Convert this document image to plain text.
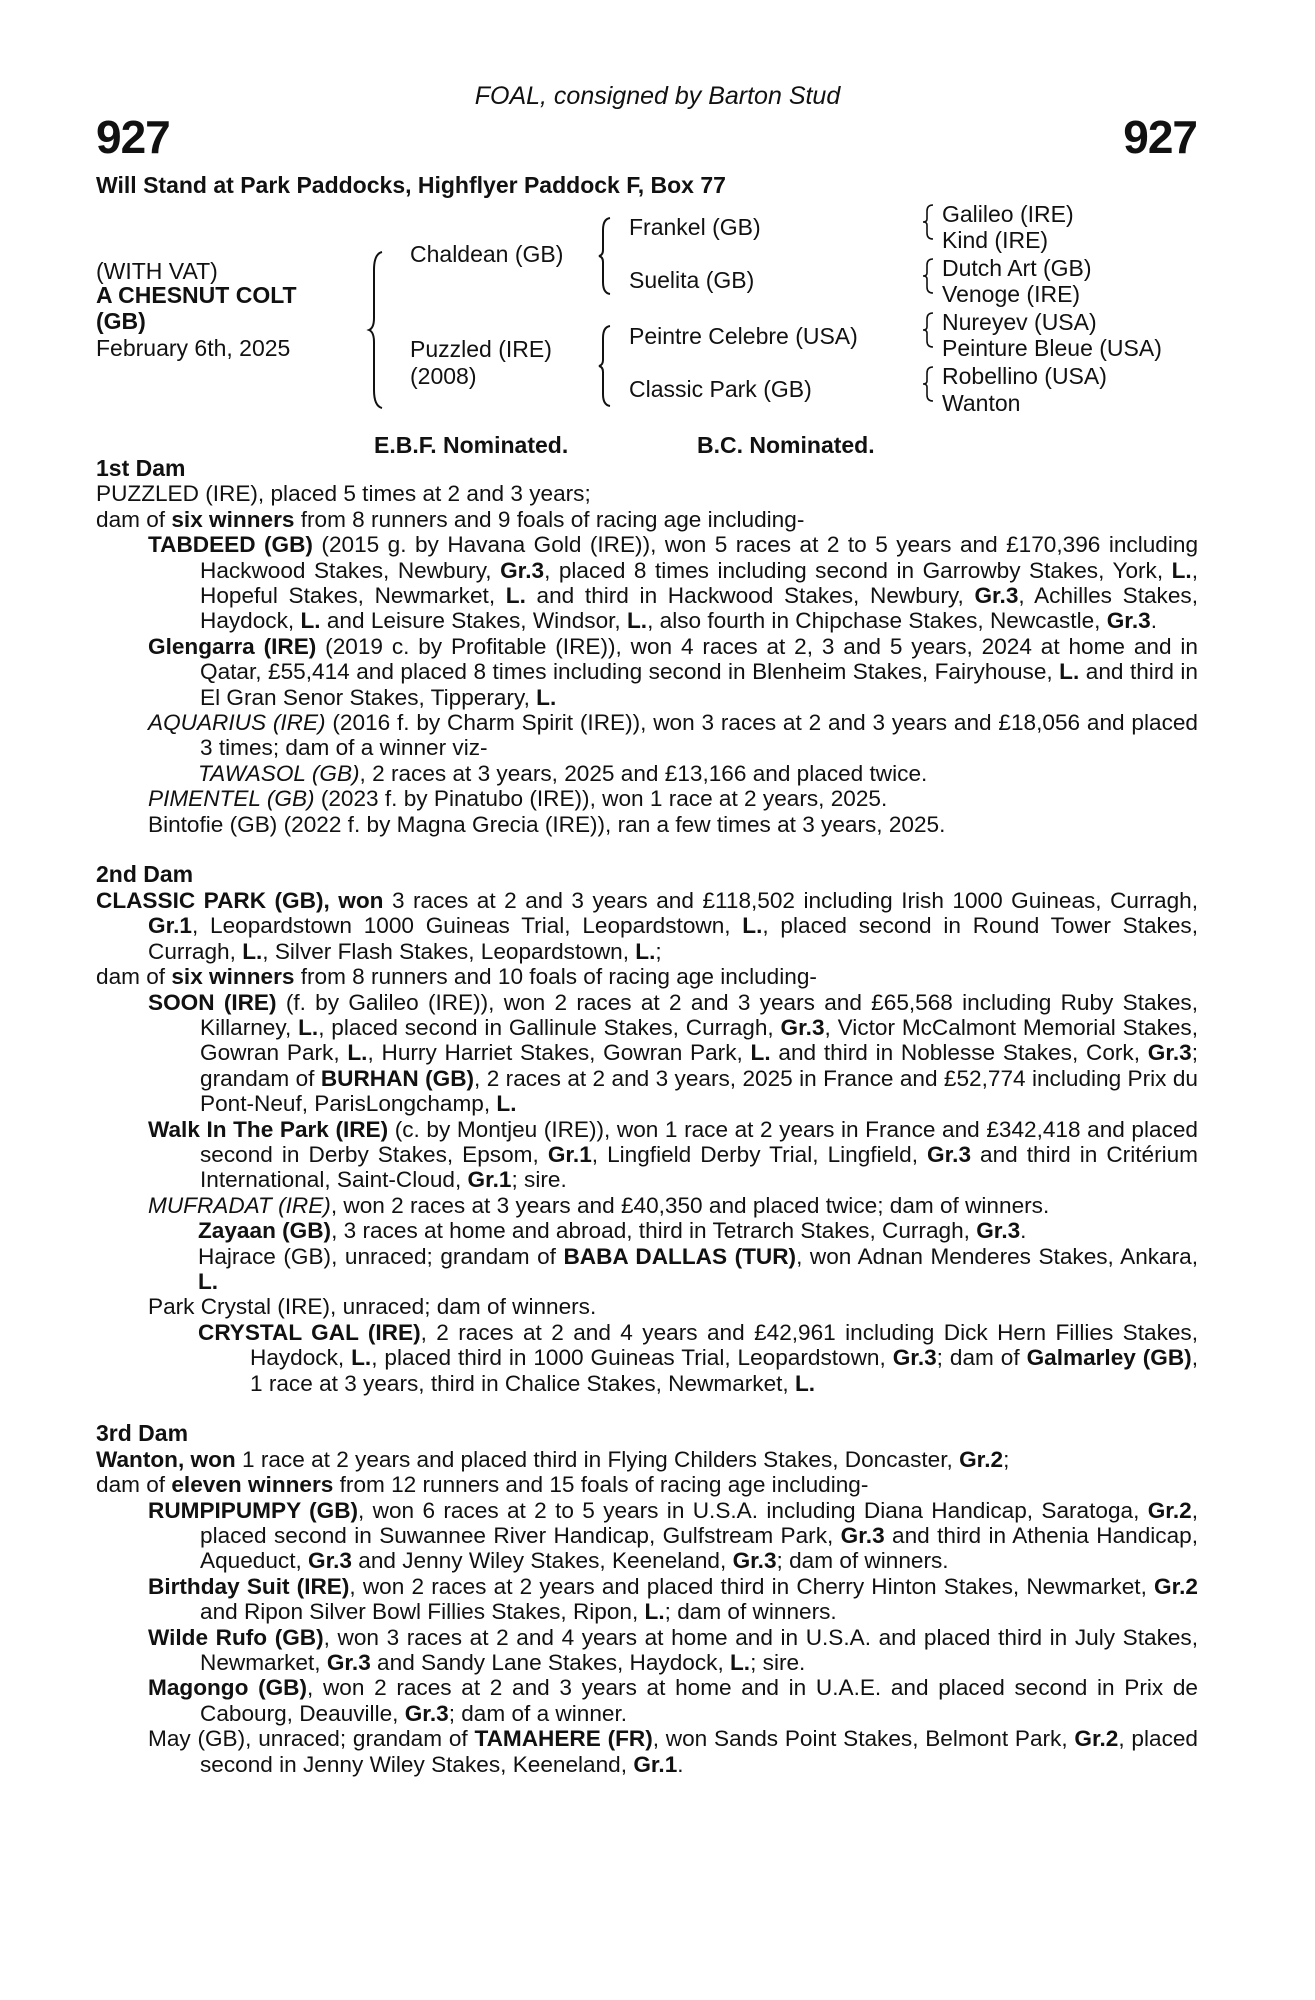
FOAL, consigned by Barton Stud
927	927
Will Stand at Park Paddocks, Highflyer Paddock F, Box 77
(WITH VAT)
A CHESNUT COLT
(GB)
February 6th, 2025
Chaldean (GB)
Puzzled (IRE)
(2008)
Frankel (GB)
Suelita (GB)
Peintre Celebre (USA)
Classic Park (GB)
Galileo (IRE)
Kind (IRE)
Dutch Art (GB)
Venoge (IRE)
Nureyev (USA)
Peinture Bleue (USA)
Robellino (USA)
Wanton
E.B.F. Nominated.	B.C. Nominated.
1st Dam
PUZZLED (IRE), placed 5 times at 2 and 3 years;
dam of six winners from 8 runners and 9 foals of racing age including-
TABDEED (GB) (2015 g. by Havana Gold (IRE)), won 5 races at 2 to 5 years and £170,396 including Hackwood Stakes, Newbury, Gr.3, placed 8 times including second in Garrowby Stakes, York, L., Hopeful Stakes, Newmarket, L. and third in Hackwood Stakes, Newbury, Gr.3, Achilles Stakes, Haydock, L. and Leisure Stakes, Windsor, L., also fourth in Chipchase Stakes, Newcastle, Gr.3.
Glengarra (IRE) (2019 c. by Profitable (IRE)), won 4 races at 2, 3 and 5 years, 2024 at home and in Qatar, £55,414 and placed 8 times including second in Blenheim Stakes, Fairyhouse, L. and third in El Gran Senor Stakes, Tipperary, L.
AQUARIUS (IRE) (2016 f. by Charm Spirit (IRE)), won 3 races at 2 and 3 years and £18,056 and placed 3 times; dam of a winner viz-
TAWASOL (GB), 2 races at 3 years, 2025 and £13,166 and placed twice.
PIMENTEL (GB) (2023 f. by Pinatubo (IRE)), won 1 race at 2 years, 2025.
Bintofie (GB) (2022 f. by Magna Grecia (IRE)), ran a few times at 3 years, 2025.
2nd Dam
CLASSIC PARK (GB), won 3 races at 2 and 3 years and £118,502 including Irish 1000 Guineas, Curragh, Gr.1, Leopardstown 1000 Guineas Trial, Leopardstown, L., placed second in Round Tower Stakes, Curragh, L., Silver Flash Stakes, Leopardstown, L.;
dam of six winners from 8 runners and 10 foals of racing age including-
SOON (IRE) (f. by Galileo (IRE)), won 2 races at 2 and 3 years and £65,568 including Ruby Stakes, Killarney, L., placed second in Gallinule Stakes, Curragh, Gr.3, Victor McCalmont Memorial Stakes, Gowran Park, L., Hurry Harriet Stakes, Gowran Park, L. and third in Noblesse Stakes, Cork, Gr.3; grandam of BURHAN (GB), 2 races at 2 and 3 years, 2025 in France and £52,774 including Prix du Pont-Neuf, ParisLongchamp, L.
Walk In The Park (IRE) (c. by Montjeu (IRE)), won 1 race at 2 years in France and £342,418 and placed second in Derby Stakes, Epsom, Gr.1, Lingfield Derby Trial, Lingfield, Gr.3 and third in Critérium International, Saint-Cloud, Gr.1; sire.
MUFRADAT (IRE), won 2 races at 3 years and £40,350 and placed twice; dam of winners.
Zayaan (GB), 3 races at home and abroad, third in Tetrarch Stakes, Curragh, Gr.3.
Hajrace (GB), unraced; grandam of BABA DALLAS (TUR), won Adnan Menderes Stakes, Ankara, L.
Park Crystal (IRE), unraced; dam of winners.
CRYSTAL GAL (IRE), 2 races at 2 and 4 years and £42,961 including Dick Hern Fillies Stakes, Haydock, L., placed third in 1000 Guineas Trial, Leopardstown, Gr.3; dam of Galmarley (GB), 1 race at 3 years, third in Chalice Stakes, Newmarket, L.
3rd Dam
Wanton, won 1 race at 2 years and placed third in Flying Childers Stakes, Doncaster, Gr.2;
dam of eleven winners from 12 runners and 15 foals of racing age including-
RUMPIPUMPY (GB), won 6 races at 2 to 5 years in U.S.A. including Diana Handicap, Saratoga, Gr.2, placed second in Suwannee River Handicap, Gulfstream Park, Gr.3 and third in Athenia Handicap, Aqueduct, Gr.3 and Jenny Wiley Stakes, Keeneland, Gr.3; dam of winners.
Birthday Suit (IRE), won 2 races at 2 years and placed third in Cherry Hinton Stakes, Newmarket, Gr.2 and Ripon Silver Bowl Fillies Stakes, Ripon, L.; dam of winners.
Wilde Rufo (GB), won 3 races at 2 and 4 years at home and in U.S.A. and placed third in July Stakes, Newmarket, Gr.3 and Sandy Lane Stakes, Haydock, L.; sire.
Magongo (GB), won 2 races at 2 and 3 years at home and in U.A.E. and placed second in Prix de Cabourg, Deauville, Gr.3; dam of a winner.
May (GB), unraced; grandam of TAMAHERE (FR), won Sands Point Stakes, Belmont Park, Gr.2, placed second in Jenny Wiley Stakes, Keeneland, Gr.1.
